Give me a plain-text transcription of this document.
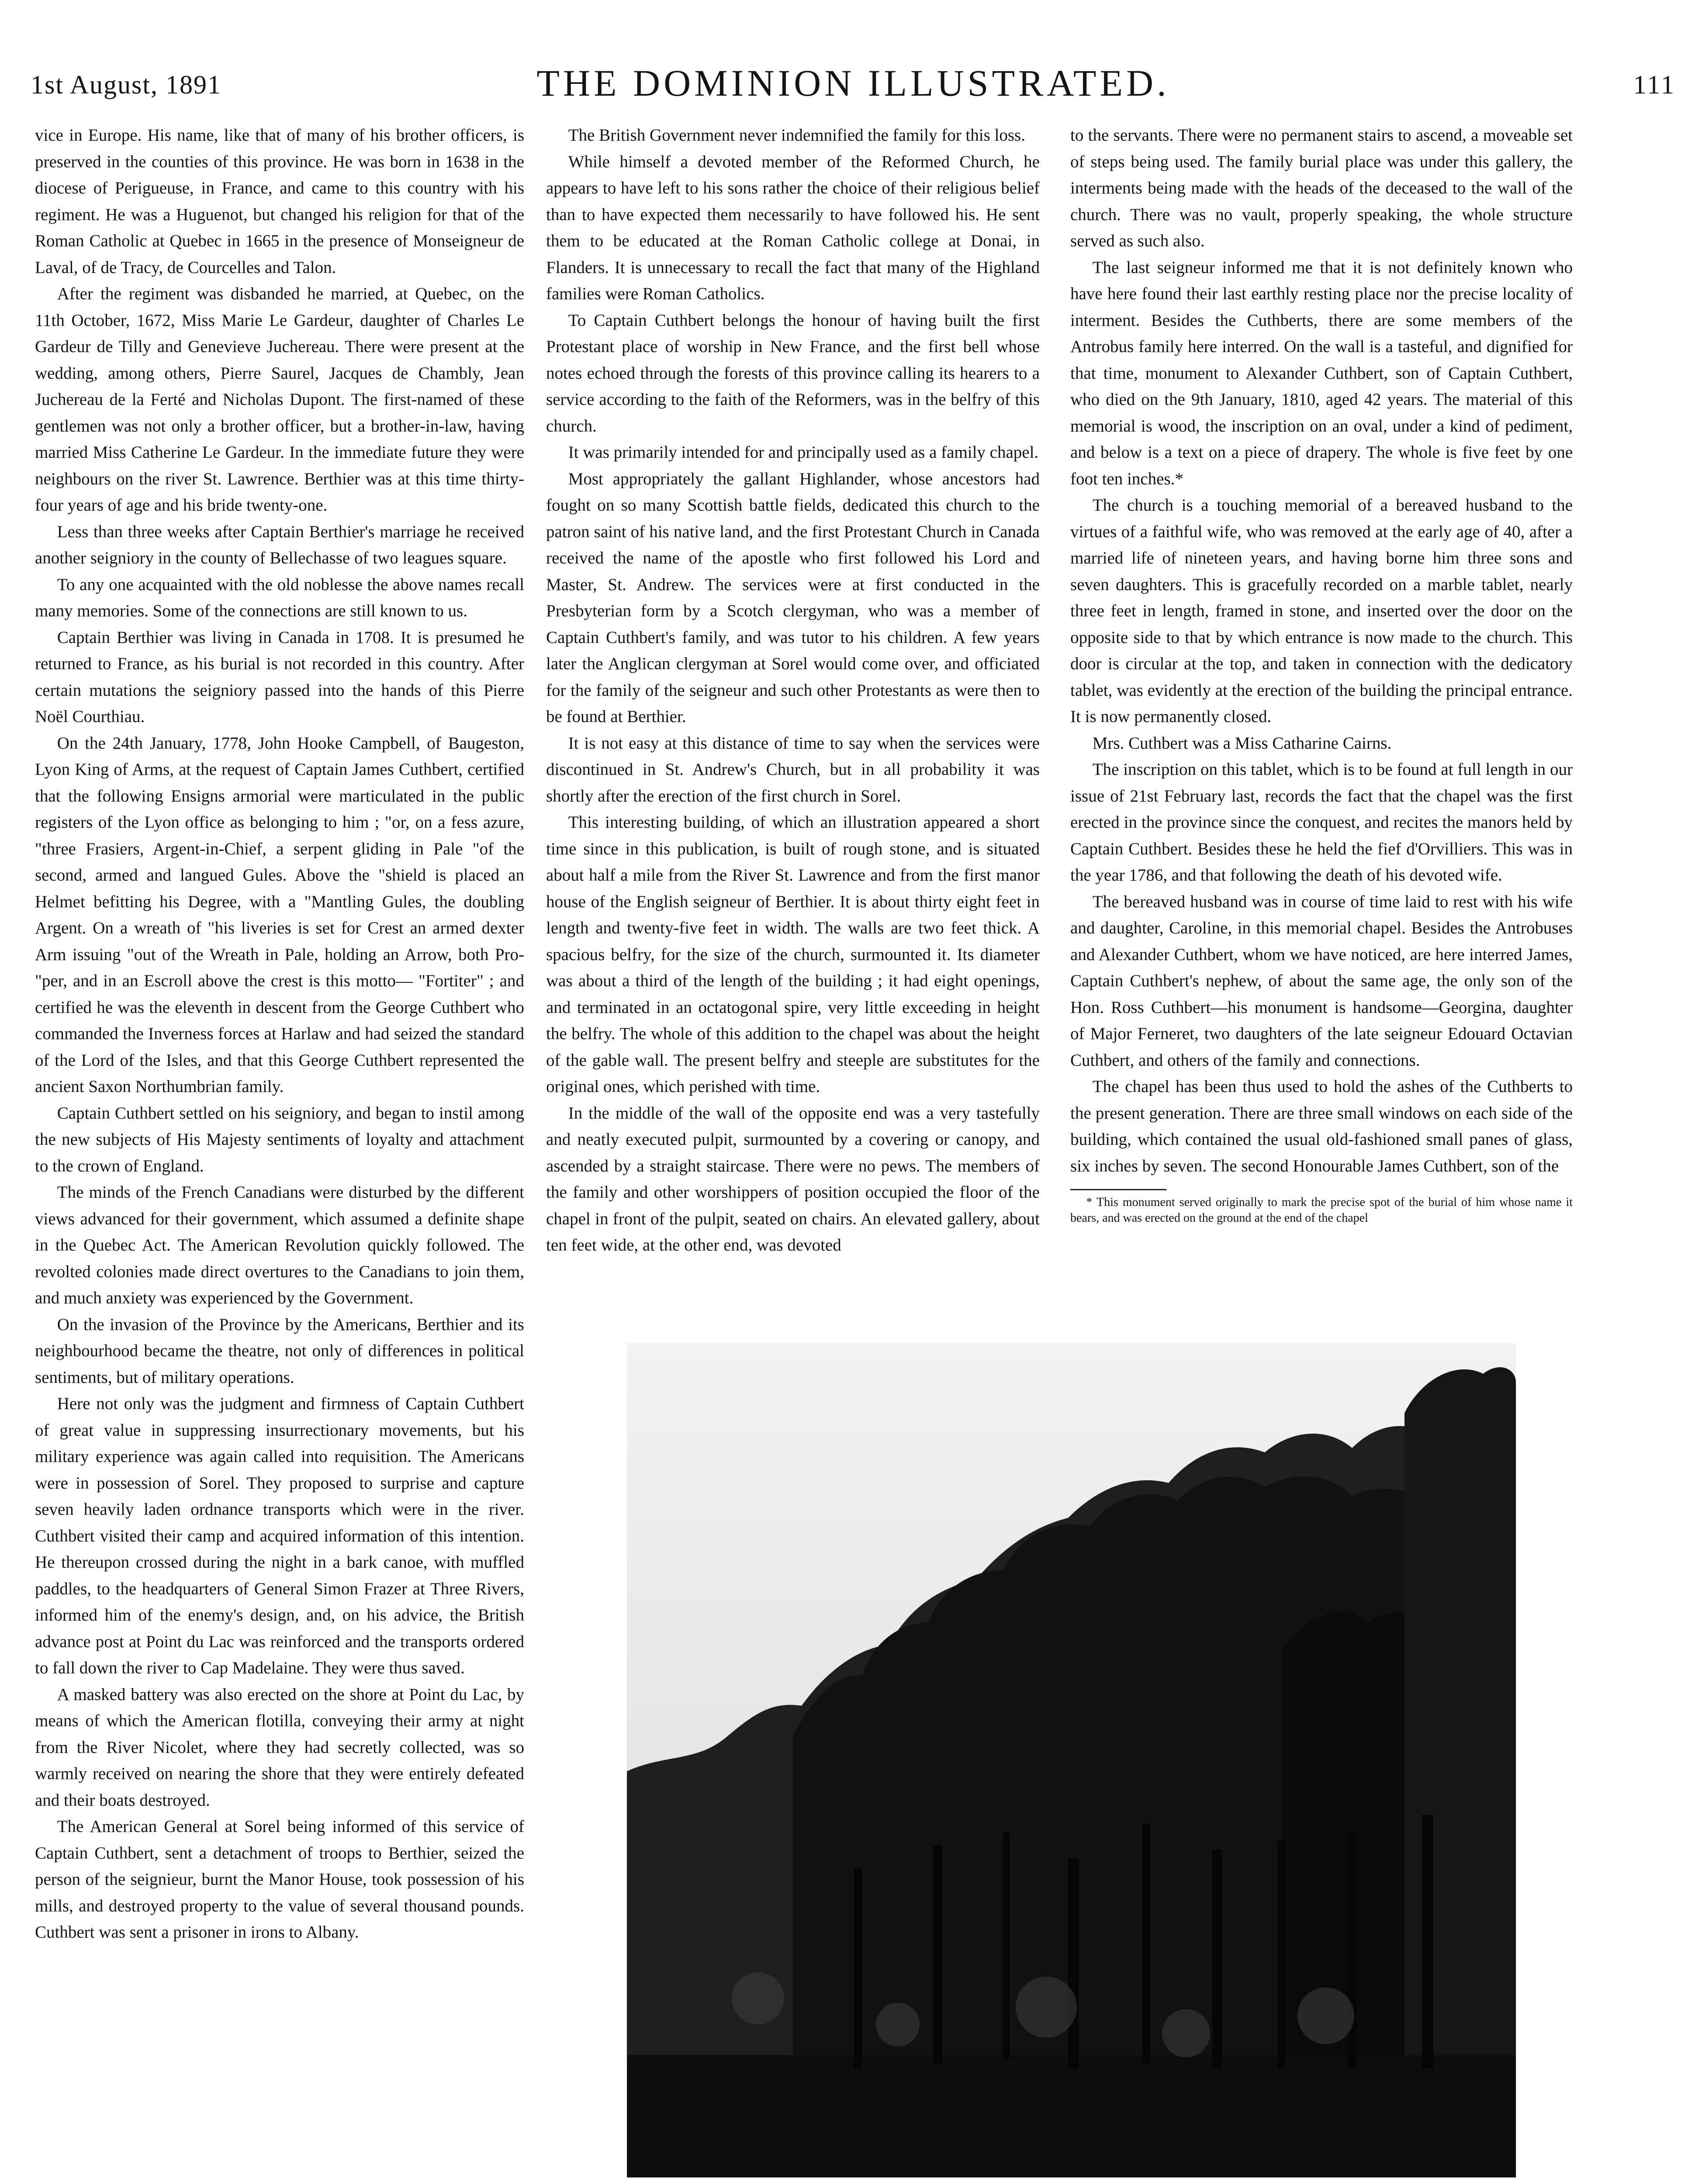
1st August, 1891	THE DOMINION ILLUSTRATED.	111

vice in Europe. His name, like that of many of his brother officers, is preserved in the counties of this province. He was born in 1638 in the diocese of Perigueuse, in France, and came to this country with his regiment. He was a Huguenot, but changed his religion for that of the Roman Catholic at Quebec in 1665 in the presence of Monseigneur de Laval, of de Tracy, de Courcelles and Talon.

After the regiment was disbanded he married, at Quebec, on the 11th October, 1672, Miss Marie Le Gardeur, daughter of Charles Le Gardeur de Tilly and Genevieve Juchereau. There were present at the wedding, among others, Pierre Saurel, Jacques de Chambly, Jean Juchereau de la Ferté and Nicholas Dupont. The first-named of these gentlemen was not only a brother officer, but a brother-in-law, having married Miss Catherine Le Gardeur. In the immediate future they were neighbours on the river St. Lawrence. Berthier was at this time thirty-four years of age and his bride twenty-one.

Less than three weeks after Captain Berthier's marriage he received another seigniory in the county of Bellechasse of two leagues square.

To any one acquainted with the old noblesse the above names recall many memories. Some of the connections are still known to us.

Captain Berthier was living in Canada in 1708. It is presumed he returned to France, as his burial is not recorded in this country. After certain mutations the seigniory passed into the hands of this Pierre Noël Courthiau.

On the 24th January, 1778, John Hooke Campbell, of Baugeston, Lyon King of Arms, at the request of Captain James Cuthbert, certified that the following Ensigns armorial were marticulated in the public registers of the Lyon office as belonging to him ; "or, on a fess azure, "three Frasiers, Argent-in-Chief, a serpent gliding in Pale "of the second, armed and langued Gules. Above the "shield is placed an Helmet befitting his Degree, with a "Mantling Gules, the doubling Argent. On a wreath of "his liveries is set for Crest an armed dexter Arm issuing "out of the Wreath in Pale, holding an Arrow, both Pro-"per, and in an Escroll above the crest is this motto— "Fortiter" ; and certified he was the eleventh in descent from the George Cuthbert who commanded the Inverness forces at Harlaw and had seized the standard of the Lord of the Isles, and that this George Cuthbert represented the ancient Saxon Northumbrian family.

Captain Cuthbert settled on his seigniory, and began to instil among the new subjects of His Majesty sentiments of loyalty and attachment to the crown of England.

The minds of the French Canadians were disturbed by the different views advanced for their government, which assumed a definite shape in the Quebec Act. The American Revolution quickly followed. The revolted colonies made direct overtures to the Canadians to join them, and much anxiety was experienced by the Government.

On the invasion of the Province by the Americans, Berthier and its neighbourhood became the theatre, not only of differences in political sentiments, but of military operations.

Here not only was the judgment and firmness of Captain Cuthbert of great value in suppressing insurrectionary movements, but his military experience was again called into requisition. The Americans were in possession of Sorel. They proposed to surprise and capture seven heavily laden ordnance transports which were in the river. Cuthbert visited their camp and acquired information of this intention. He thereupon crossed during the night in a bark canoe, with muffled paddles, to the headquarters of General Simon Frazer at Three Rivers, informed him of the enemy's design, and, on his advice, the British advance post at Point du Lac was reinforced and the transports ordered to fall down the river to Cap Madelaine. They were thus saved.

A masked battery was also erected on the shore at Point du Lac, by means of which the American flotilla, conveying their army at night from the River Nicolet, where they had secretly collected, was so warmly received on nearing the shore that they were entirely defeated and their boats destroyed.

The American General at Sorel being informed of this service of Captain Cuthbert, sent a detachment of troops to Berthier, seized the person of the seignieur, burnt the Manor House, took possession of his mills, and destroyed property to the value of several thousand pounds. Cuthbert was sent a prisoner in irons to Albany.

The British Government never indemnified the family for this loss.

While himself a devoted member of the Reformed Church, he appears to have left to his sons rather the choice of their religious belief than to have expected them necessarily to have followed his. He sent them to be educated at the Roman Catholic college at Donai, in Flanders. It is unnecessary to recall the fact that many of the Highland families were Roman Catholics.

To Captain Cuthbert belongs the honour of having built the first Protestant place of worship in New France, and the first bell whose notes echoed through the forests of this province calling its hearers to a service according to the faith of the Reformers, was in the belfry of this church.

It was primarily intended for and principally used as a family chapel.

Most appropriately the gallant Highlander, whose ancestors had fought on so many Scottish battle fields, dedicated this church to the patron saint of his native land, and the first Protestant Church in Canada received the name of the apostle who first followed his Lord and Master, St. Andrew. The services were at first conducted in the Presbyterian form by a Scotch clergyman, who was a member of Captain Cuthbert's family, and was tutor to his children. A few years later the Anglican clergyman at Sorel would come over, and officiated for the family of the seigneur and such other Protestants as were then to be found at Berthier.

It is not easy at this distance of time to say when the services were discontinued in St. Andrew's Church, but in all probability it was shortly after the erection of the first church in Sorel.

This interesting building, of which an illustration appeared a short time since in this publication, is built of rough stone, and is situated about half a mile from the River St. Lawrence and from the first manor house of the English seigneur of Berthier. It is about thirty eight feet in length and twenty-five feet in width. The walls are two feet thick. A spacious belfry, for the size of the church, surmounted it. Its diameter was about a third of the length of the building ; it had eight openings, and terminated in an octatogonal spire, very little exceeding in height the belfry. The whole of this addition to the chapel was about the height of the gable wall. The present belfry and steeple are substitutes for the original ones, which perished with time.

In the middle of the wall of the opposite end was a very tastefully and neatly executed pulpit, surmounted by a covering or canopy, and ascended by a straight staircase. There were no pews. The members of the family and other worshippers of position occupied the floor of the chapel in front of the pulpit, seated on chairs. An elevated gallery, about ten feet wide, at the other end, was devoted

to the servants. There were no permanent stairs to ascend, a moveable set of steps being used. The family burial place was under this gallery, the interments being made with the heads of the deceased to the wall of the church. There was no vault, properly speaking, the whole structure served as such also.

The last seigneur informed me that it is not definitely known who have here found their last earthly resting place nor the precise locality of interment. Besides the Cuthberts, there are some members of the Antrobus family here interred. On the wall is a tasteful, and dignified for that time, monument to Alexander Cuthbert, son of Captain Cuthbert, who died on the 9th January, 1810, aged 42 years. The material of this memorial is wood, the inscription on an oval, under a kind of pediment, and below is a text on a piece of drapery. The whole is five feet by one foot ten inches.*

The church is a touching memorial of a bereaved husband to the virtues of a faithful wife, who was removed at the early age of 40, after a married life of nineteen years, and having borne him three sons and seven daughters. This is gracefully recorded on a marble tablet, nearly three feet in length, framed in stone, and inserted over the door on the opposite side to that by which entrance is now made to the church. This door is circular at the top, and taken in connection with the dedicatory tablet, was evidently at the erection of the building the principal entrance. It is now permanently closed.

Mrs. Cuthbert was a Miss Catharine Cairns.

The inscription on this tablet, which is to be found at full length in our issue of 21st February last, records the fact that the chapel was the first erected in the province since the conquest, and recites the manors held by Captain Cuthbert. Besides these he held the fief d'Orvilliers. This was in the year 1786, and that following the death of his devoted wife.

The bereaved husband was in course of time laid to rest with his wife and daughter, Caroline, in this memorial chapel. Besides the Antrobuses and Alexander Cuthbert, whom we have noticed, are here interred James, Captain Cuthbert's nephew, of about the same age, the only son of the Hon. Ross Cuthbert—his monument is handsome—Georgina, daughter of Major Ferneret, two daughters of the late seigneur Edouard Octavian Cuthbert, and others of the family and connections.

The chapel has been thus used to hold the ashes of the Cuthberts to the present generation. There are three small windows on each side of the building, which contained the usual old-fashioned small panes of glass, six inches by seven. The second Honourable James Cuthbert, son of the

* This monument served originally to mark the precise spot of the burial of him whose name it bears, and was erected on the ground at the end of the chapel
